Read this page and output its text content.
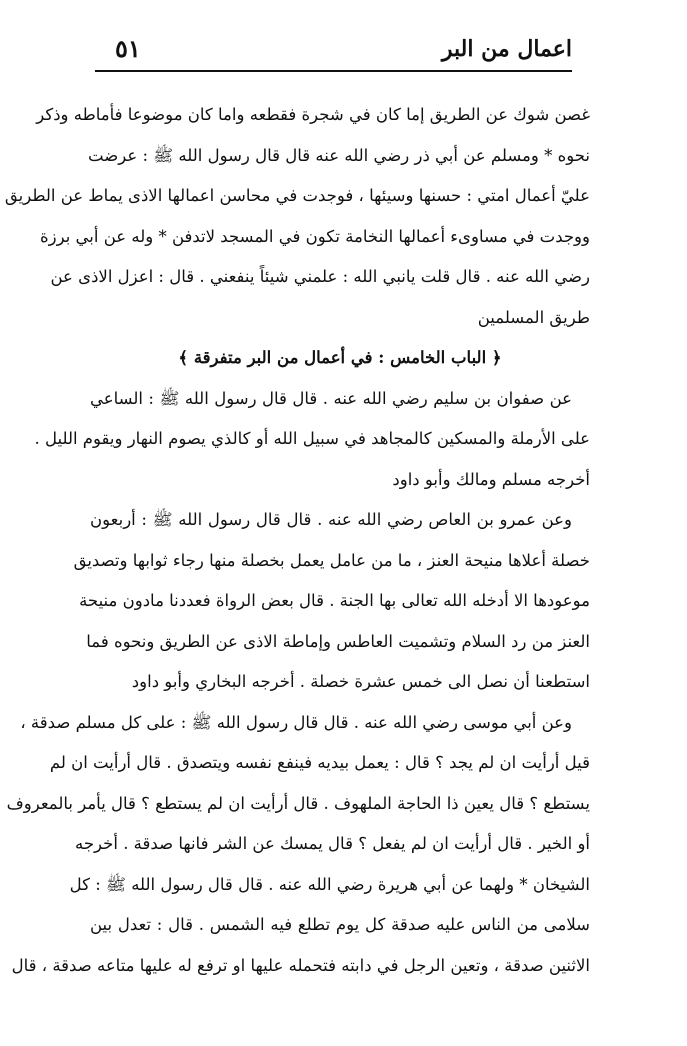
اعمال من البر
٥١
غصن شوك عن الطريق إما كان في شجرة فقطعه واما كان موضوعا فأماطه وذكر
نحوه * ومسلم عن أبي ذر رضي الله عنه قال قال رسول الله ﷺ : عرضت
عليّ أعمال امتي : حسنها وسيئها ، فوجدت في محاسن اعمالها الاذى يماط عن الطريق
ووجدت في مساوىء أعمالها النخامة تكون في المسجد لاتدفن * وله عن أبي برزة
رضي الله عنه . قال قلت يانبي الله : علمني شيئاً ينفعني . قال : اعزل الاذى عن
طريق المسلمين
﴿ الباب الخامس : في أعمال من البر متفرقة ﴾
عن صفوان بن سليم رضي الله عنه . قال قال رسول الله ﷺ : الساعي
على الأرملة والمسكين كالمجاهد في سبيل الله أو كالذي يصوم النهار ويقوم الليل .
أخرجه مسلم ومالك وأبو داود
وعن عمرو بن العاص رضي الله عنه . قال قال رسول الله ﷺ : أربعون
خصلة أعلاها منيحة العنز ، ما من عامل يعمل بخصلة منها رجاء ثوابها وتصديق
موعودها الا أدخله الله تعالى بها الجنة . قال بعض الرواة فعددنا مادون منيحة
العنز من رد السلام وتشميت العاطس وإماطة الاذى عن الطريق ونحوه فما
استطعنا أن نصل الى خمس عشرة خصلة . أخرجه البخاري وأبو داود
وعن أبي موسى رضي الله عنه . قال قال رسول الله ﷺ : على كل مسلم صدقة ،
قيل أرأيت ان لم يجد ؟ قال : يعمل بيديه فينفع نفسه ويتصدق . قال أرأيت ان لم
يستطع ؟ قال يعين ذا الحاجة الملهوف . قال أرأيت ان لم يستطع ؟ قال يأمر بالمعروف
أو الخير . قال أرأيت ان لم يفعل ؟ قال يمسك عن الشر فانها صدقة . أخرجه
الشيخان * ولهما عن أبي هريرة رضي الله عنه . قال قال رسول الله ﷺ : كل
سلامى من الناس عليه صدقة كل يوم تطلع فيه الشمس . قال : تعدل بين
الاثنين صدقة ، وتعين الرجل في دابته فتحمله عليها او ترفع له عليها متاعه صدقة ، قال
